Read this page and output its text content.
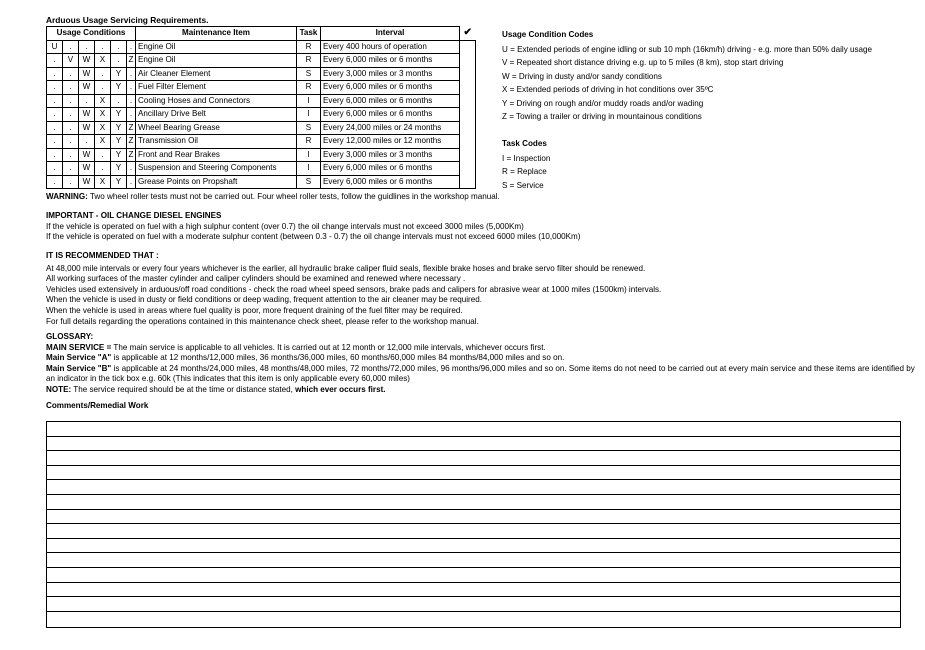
Arduous Usage Servicing Requirements.
Usage Conditions						Maintenance Item	Task	Interval	✔
U	.	.	.	.	.	Engine Oil	R	Every 400 hours of operation	
.	V	W	X	.	Z	Engine Oil	R	Every 6,000 miles or 6 months	
.	.	W	.	Y	.	Air Cleaner Element	S	Every 3,000 miles or 3 months	
.	.	W	.	Y	.	Fuel Filter Element	R	Every 6,000 miles or 6 months	
.	.	.	X	.	.	Cooling Hoses and Connectors	I	Every 6,000 miles or 6 months	
.	.	W	X	Y	.	Ancillary Drive Belt	I	Every 6,000 miles or 6 months	
.	.	W	X	Y	Z	Wheel Bearing Grease	S	Every 24,000 miles or 24 months	
.	.	.	X	Y	Z	Transmission Oil	R	Every 12,000 miles or 12 months	
.	.	W	.	Y	Z	Front and Rear Brakes	I	Every 3,000 miles or 3 months	
.	.	W	.	Y	.	Suspension and Steering Components	I	Every 6,000 miles or 6 months	
.	.	W	X	Y	.	Grease Points on Propshaft	S	Every 6,000 miles or 6 months	
WARNING: Two wheel roller tests must not be carried out. Four wheel roller tests, follow the guidlines in the workshop manual.
Usage Condition Codes
U = Extended periods of engine idling or sub 10 mph (16km/h) driving - e.g. more than 50% daily usage
V = Repeated short distance driving e.g. up to 5 miles (8 km), stop start driving
W = Driving in dusty and/or sandy conditions
X = Extended periods of driving in hot conditions over 35ºC
Y = Driving on rough and/or muddy roads and/or wading
Z = Towing a trailer or driving in mountainous conditions
Task Codes
I = Inspection
R = Replace
S = Service
IMPORTANT - OIL CHANGE DIESEL ENGINES
If the vehicle is operated on fuel with a high sulphur content (over 0.7) the oil change intervals must not exceed 3000 miles (5,000Km)
If the vehicle is operated on fuel with a moderate sulphur content (between 0.3 - 0.7) the oil change intervals must not exceed 6000 miles (10,000Km)
IT IS RECOMMENDED THAT :
At 48,000 mile intervals or every four years whichever is the earlier, all hydraulic brake caliper fluid seals, flexible brake hoses and brake servo filter should be renewed.
All working surfaces of the master cylinder and caliper cylinders should be examined and renewed where necessary .
Vehicles used extensively in arduous/off road conditions - check the road wheel speed sensors, brake pads and calipers for abrasive wear at 1000 miles (1500km) intervals.
When the vehicle is used in dusty or field conditions or deep wading, frequent attention to the air cleaner may be required.
When the vehicle is used in areas where fuel quality is poor, more frequent draining of the fuel filter may be required.
For full details regarding the operations contained in this maintenance check sheet, please refer to the workshop manual.
GLOSSARY:
MAIN SERVICE = The main service is applicable to all vehicles. It is carried out at 12 month or 12,000 mile intervals, whichever occurs first.
Main Service "A" is applicable at 12 months/12,000 miles, 36 months/36,000 miles, 60 months/60,000 miles 84 months/84,000 miles and so on.
Main Service "B" is applicable at 24 months/24,000 miles, 48 months/48,000 miles, 72 months/72,000 miles, 96 months/96,000 miles and so on. Some items do not need to be carried out at every main service and these items are identified by an indicator in the tick box e.g. 60k (This indicates that this item is only applicable every 60,000 miles)
NOTE: The service required should be at the time or distance stated, which ever occurs first.
Comments/Remedial Work
